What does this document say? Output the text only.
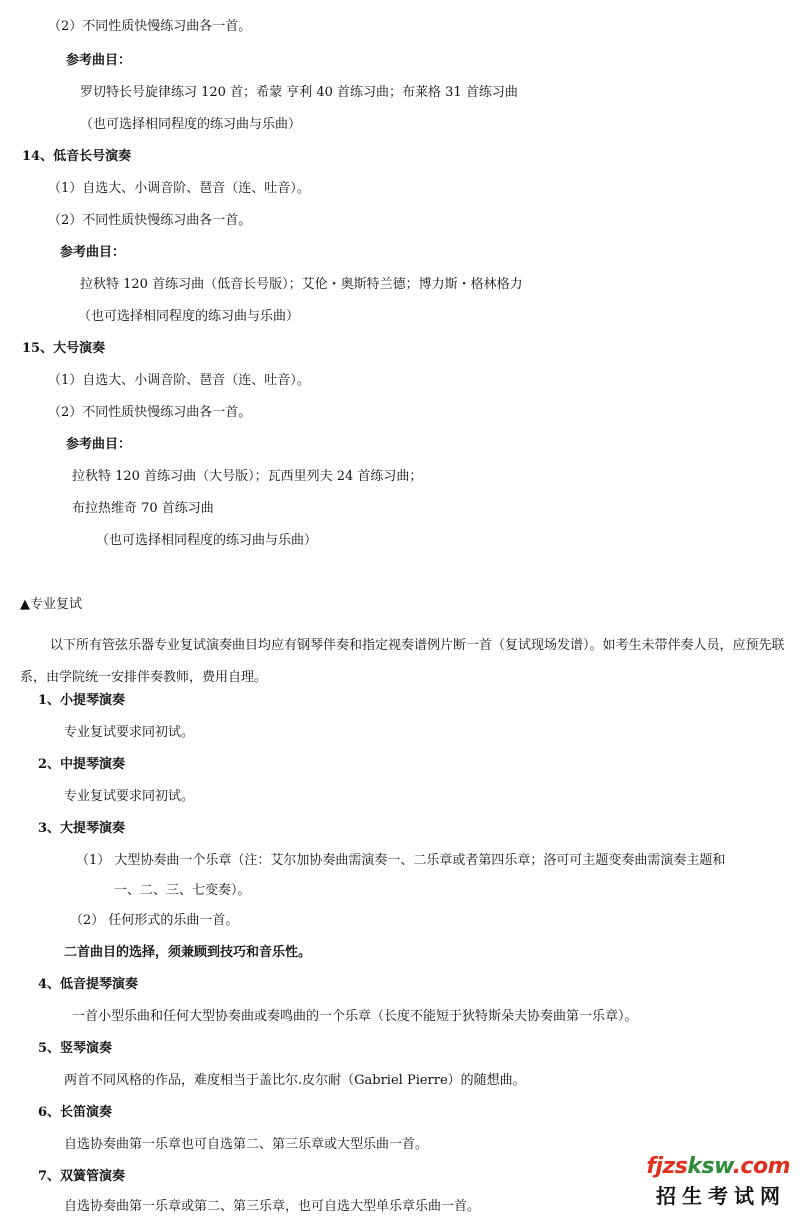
（2）不同性质快慢练习曲各一首。
参考曲目：
罗切特长号旋律练习 120 首；希蒙 亨利 40 首练习曲；布莱格 31 首练习曲
（也可选择相同程度的练习曲与乐曲）
14、低音长号演奏
（1）自选大、小调音阶、琶音（连、吐音）。
（2）不同性质快慢练习曲各一首。
参考曲目：
拉秋特 120 首练习曲（低音长号版）；艾伦・奥斯特兰德；博力斯・格林格力
（也可选择相同程度的练习曲与乐曲）
15、大号演奏
（1）自选大、小调音阶、琶音（连、吐音）。
（2）不同性质快慢练习曲各一首。
参考曲目：
拉秋特 120 首练习曲（大号版）；瓦西里列夫 24 首练习曲；
布拉热维奇 70 首练习曲
（也可选择相同程度的练习曲与乐曲）
▲专业复试
以下所有管弦乐器专业复试演奏曲目均应有钢琴伴奏和指定视奏谱例片断一首（复试现场发谱）。如考生未带伴奏人员，应预先联系，由学院统一安排伴奏教师，费用自理。
1、小提琴演奏
专业复试要求同初试。
2、中提琴演奏
专业复试要求同初试。
3、大提琴演奏
（1） 大型协奏曲一个乐章（注：艾尔加协奏曲需演奏一、二乐章或者第四乐章；洛可可主题变奏曲需演奏主题和
一、二、三、七变奏）。
（2） 任何形式的乐曲一首。
二首曲目的选择，须兼顾到技巧和音乐性。
4、低音提琴演奏
一首小型乐曲和任何大型协奏曲或奏鸣曲的一个乐章（长度不能短于狄特斯朵夫协奏曲第一乐章）。
5、竖琴演奏
两首不同风格的作品，难度相当于盖比尔.皮尔耐（Gabriel Pierre）的随想曲。
6、长笛演奏
自选协奏曲第一乐章也可自选第二、第三乐章或大型乐曲一首。
7、双簧管演奏
自选协奏曲第一乐章或第二、第三乐章，也可自选大型单乐章乐曲一首。
fjzsksw.com
招生考试网
